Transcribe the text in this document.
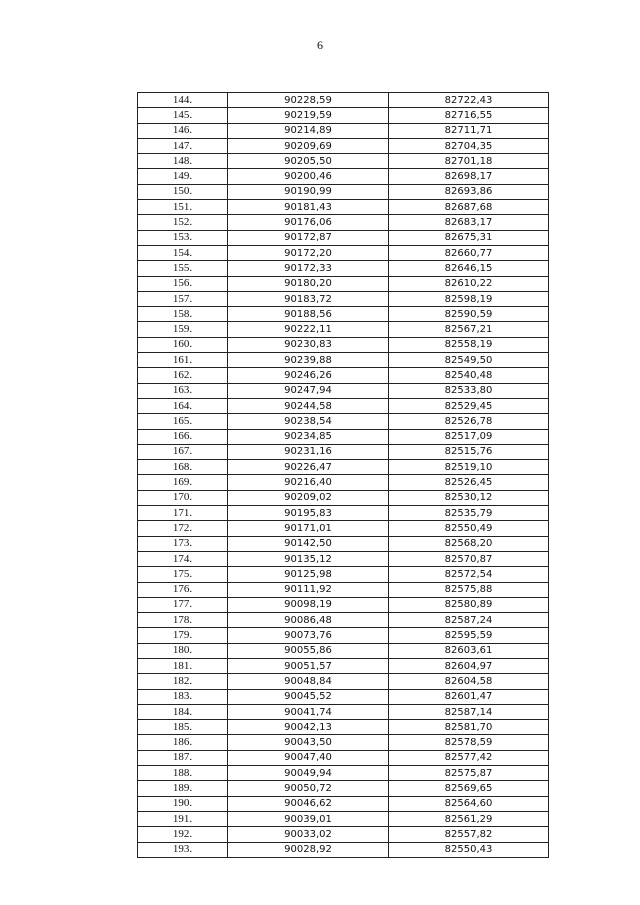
6
144.	90228,59	82722,43
145.	90219,59	82716,55
146.	90214,89	82711,71
147.	90209,69	82704,35
148.	90205,50	82701,18
149.	90200,46	82698,17
150.	90190,99	82693,86
151.	90181,43	82687,68
152.	90176,06	82683,17
153.	90172,87	82675,31
154.	90172,20	82660,77
155.	90172,33	82646,15
156.	90180,20	82610,22
157.	90183,72	82598,19
158.	90188,56	82590,59
159.	90222,11	82567,21
160.	90230,83	82558,19
161.	90239,88	82549,50
162.	90246,26	82540,48
163.	90247,94	82533,80
164.	90244,58	82529,45
165.	90238,54	82526,78
166.	90234,85	82517,09
167.	90231,16	82515,76
168.	90226,47	82519,10
169.	90216,40	82526,45
170.	90209,02	82530,12
171.	90195,83	82535,79
172.	90171,01	82550,49
173.	90142,50	82568,20
174.	90135,12	82570,87
175.	90125,98	82572,54
176.	90111,92	82575,88
177.	90098,19	82580,89
178.	90086,48	82587,24
179.	90073,76	82595,59
180.	90055,86	82603,61
181.	90051,57	82604,97
182.	90048,84	82604,58
183.	90045,52	82601,47
184.	90041,74	82587,14
185.	90042,13	82581,70
186.	90043,50	82578,59
187.	90047,40	82577,42
188.	90049,94	82575,87
189.	90050,72	82569,65
190.	90046,62	82564,60
191.	90039,01	82561,29
192.	90033,02	82557,82
193.	90028,92	82550,43
